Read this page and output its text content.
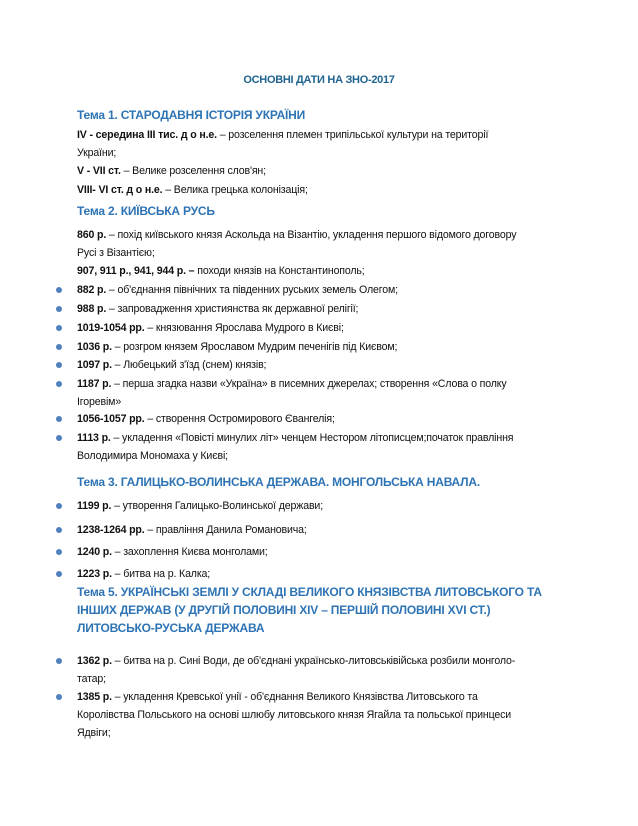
ОСНОВНІ ДАТИ НА ЗНО-2017
Тема 1. СТАРОДАВНЯ ІСТОРІЯ УКРАЇНИ
IV - середина III тис. д о н.е. – розселення племен трипільської культури на території
України;
V - VII ст. – Велике розселення слов'ян;
VIII- VI ст. д о н.е. – Велика грецька колонізація;
Тема 2. КИЇВСЬКА РУСЬ
860 р. – похід київського князя Аскольда на Візантію, укладення першого відомого договору
Русі з Візантією;
907, 911 р., 941, 944 р. – походи князів на Константинополь;
882 р. – об'єднання північних та південних руських земель Олегом;
988 р. – запровадження християнства як державної релігії;
1019-1054 рр. – князювання Ярослава Мудрого в Києві;
1036 р. – розгром князем Ярославом Мудрим печенігів під Києвом;
1097 р. – Любецький з'їзд (снем) князів;
1187 р. – перша згадка назви «Україна» в писемних джерелах; створення «Слова о полку
Ігоревім»
1056-1057 рр. – створення Остромирового Євангелія;
1113 р. – укладення «Повісті минулих літ» ченцем Нестором літописцем;початок правління
Володимира Мономаха у Києві;
Тема 3. ГАЛИЦЬКО-ВОЛИНСЬКА ДЕРЖАВА. МОНГОЛЬСЬКА НАВАЛА.
1199 р. – утворення Галицько-Волинської держави;
1238-1264 рр. – правління Данила Романовича;
1240 р. – захоплення Києва монголами;
1223 р. – битва на р. Калка;
Тема 5. УКРАЇНСЬКІ ЗЕМЛІ У СКЛАДІ ВЕЛИКОГО КНЯЗІВСТВА ЛИТОВСЬКОГО ТА
ІНШИХ ДЕРЖАВ (У ДРУГІЙ ПОЛОВИНІ XIV – ПЕРШІЙ ПОЛОВИНІ XVI СТ.)
ЛИТОВСЬКО-РУСЬКА ДЕРЖАВА
1362 р. – битва на р. Сині Води, де об'єднані українсько-литовськівійська розбили монголо-
татар;
1385 р. – укладення Кревської унії - об'єднання Великого Князівства Литовського та
Королівства Польського на основі шлюбу литовського князя Ягайла та польської принцеси
Ядвіги;
